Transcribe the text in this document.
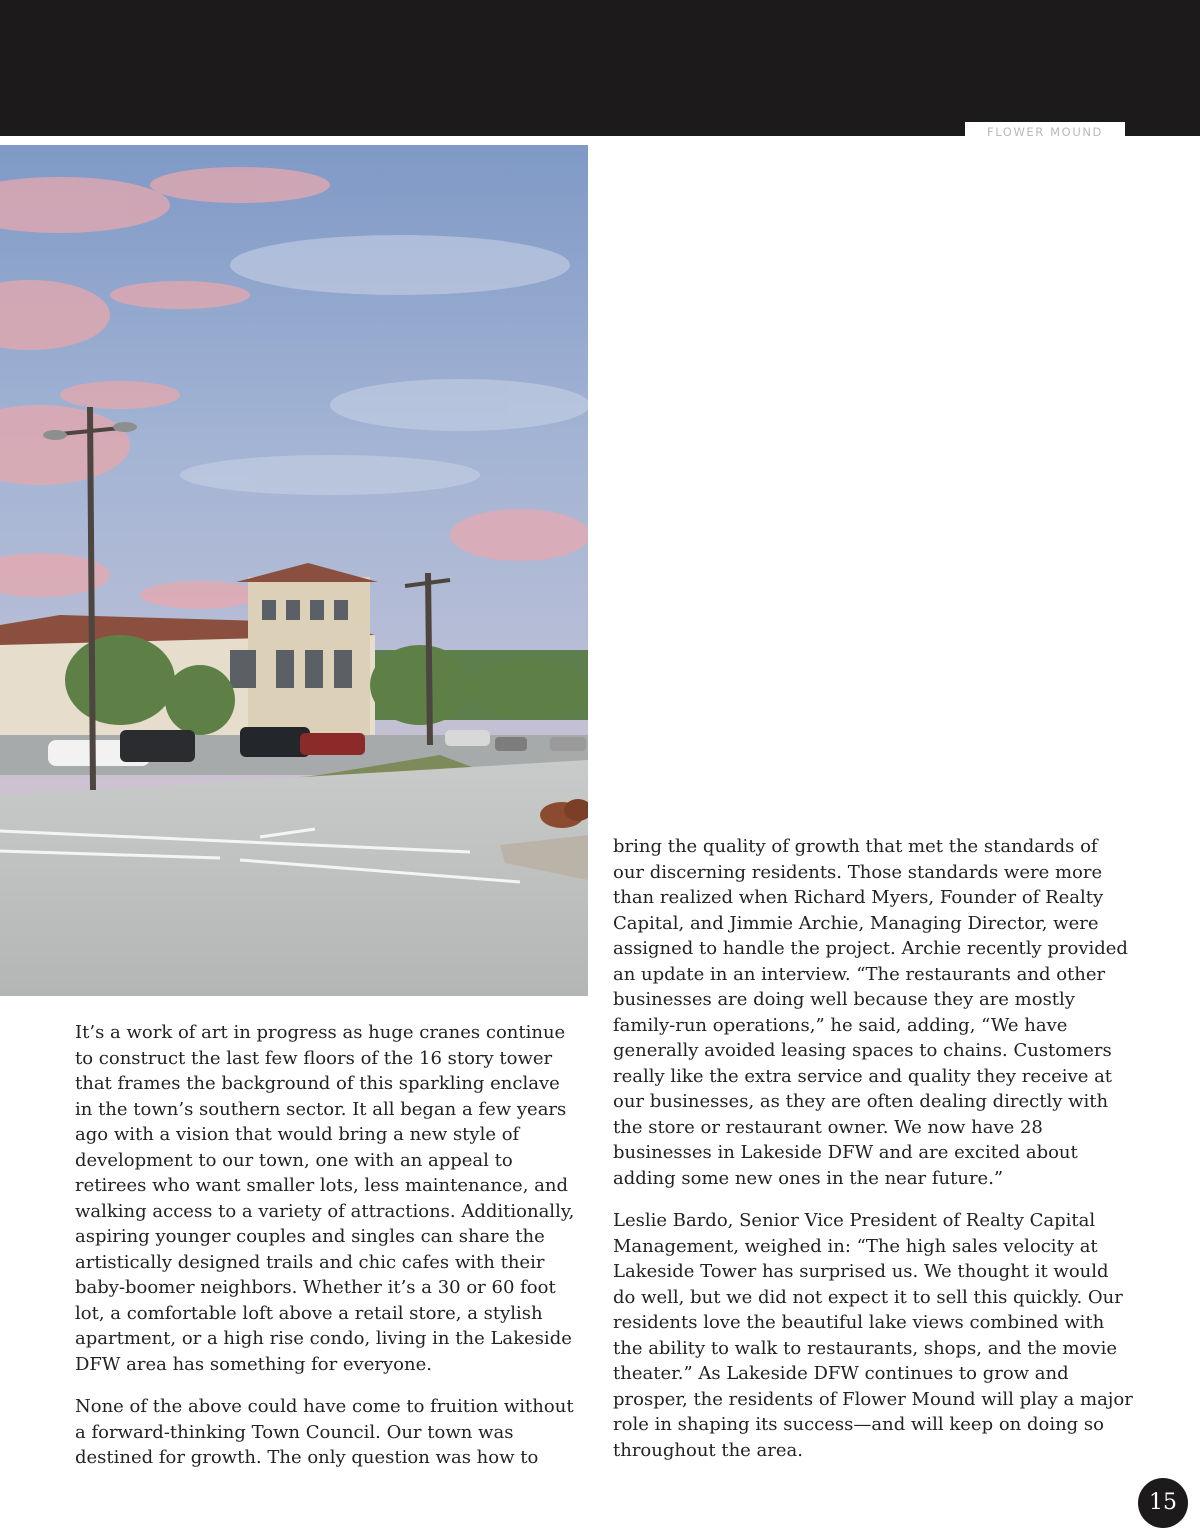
FLOWER MOUND

It’s a work of art in progress as huge cranes continue to construct the last few floors of the 16 story tower that frames the background of this sparkling enclave in the town’s southern sector. It all began a few years ago with a vision that would bring a new style of development to our town, one with an appeal to retirees who want smaller lots, less maintenance, and walking access to a variety of attractions. Additionally, aspiring younger couples and singles can share the artistically designed trails and chic cafes with their baby-boomer neighbors. Whether it’s a 30 or 60 foot lot, a comfortable loft above a retail store, a stylish apartment, or a high rise condo, living in the Lakeside DFW area has something for everyone.

None of the above could have come to fruition without a forward-thinking Town Council. Our town was destined for growth. The only question was how to

bring the quality of growth that met the standards of our discerning residents. Those standards were more than realized when Richard Myers, Founder of Realty Capital, and Jimmie Archie, Managing Director, were assigned to handle the project. Archie recently provided an update in an interview. “The restaurants and other businesses are doing well because they are mostly family-run operations,” he said, adding, “We have generally avoided leasing spaces to chains. Customers really like the extra service and quality they receive at our businesses, as they are often dealing directly with the store or restaurant owner. We now have 28 businesses in Lakeside DFW and are excited about adding some new ones in the near future.”

Leslie Bardo, Senior Vice President of Realty Capital Management, weighed in: “The high sales velocity at Lakeside Tower has surprised us. We thought it would do well, but we did not expect it to sell this quickly. Our residents love the beautiful lake views combined with the ability to walk to restaurants, shops, and the movie theater.” As Lakeside DFW continues to grow and prosper, the residents of Flower Mound will play a major role in shaping its success—and will keep on doing so throughout the area.

15
